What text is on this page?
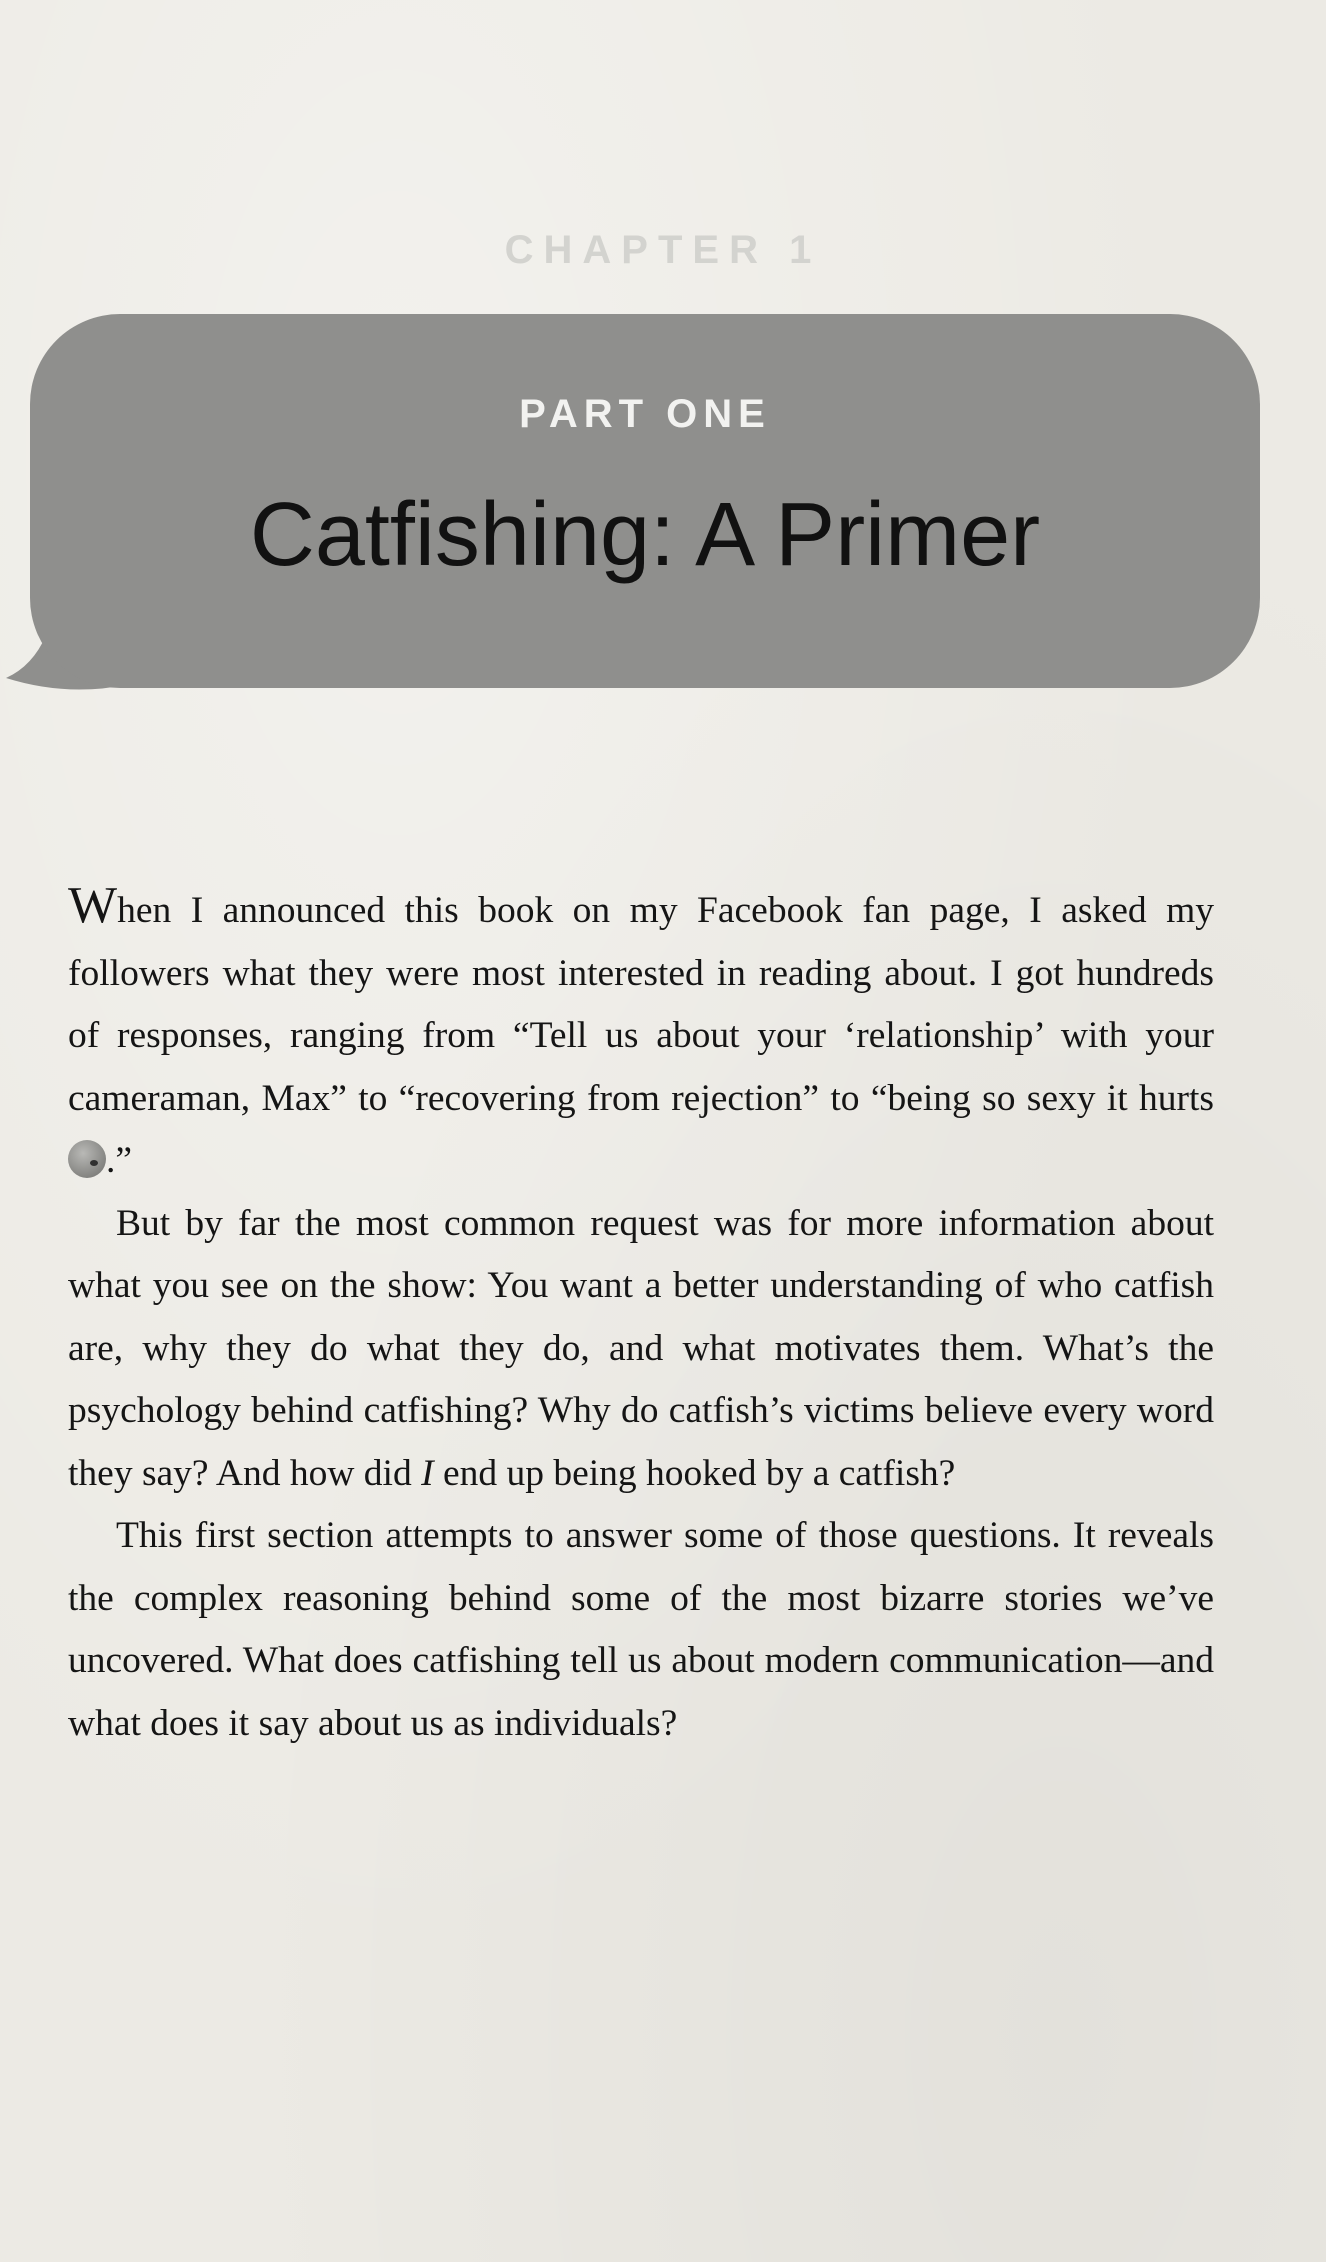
CHAPTER 1
PART ONE
Catfishing: A Primer

When I announced this book on my Facebook fan page, I asked my followers what they were most interested in reading about. I got hundreds of responses, ranging from “Tell us about your ‘relationship’ with your cameraman, Max” to “recovering from rejection” to “being so sexy it hurts .”

But by far the most common request was for more information about what you see on the show: You want a better understanding of who catfish are, why they do what they do, and what motivates them. What’s the psychology behind catfishing? Why do catfish’s victims believe every word they say? And how did I end up being hooked by a catfish?

This first section attempts to answer some of those questions. It reveals the complex reasoning behind some of the most bizarre stories we’ve uncovered. What does catfishing tell us about modern communication—and what does it say about us as individuals?
